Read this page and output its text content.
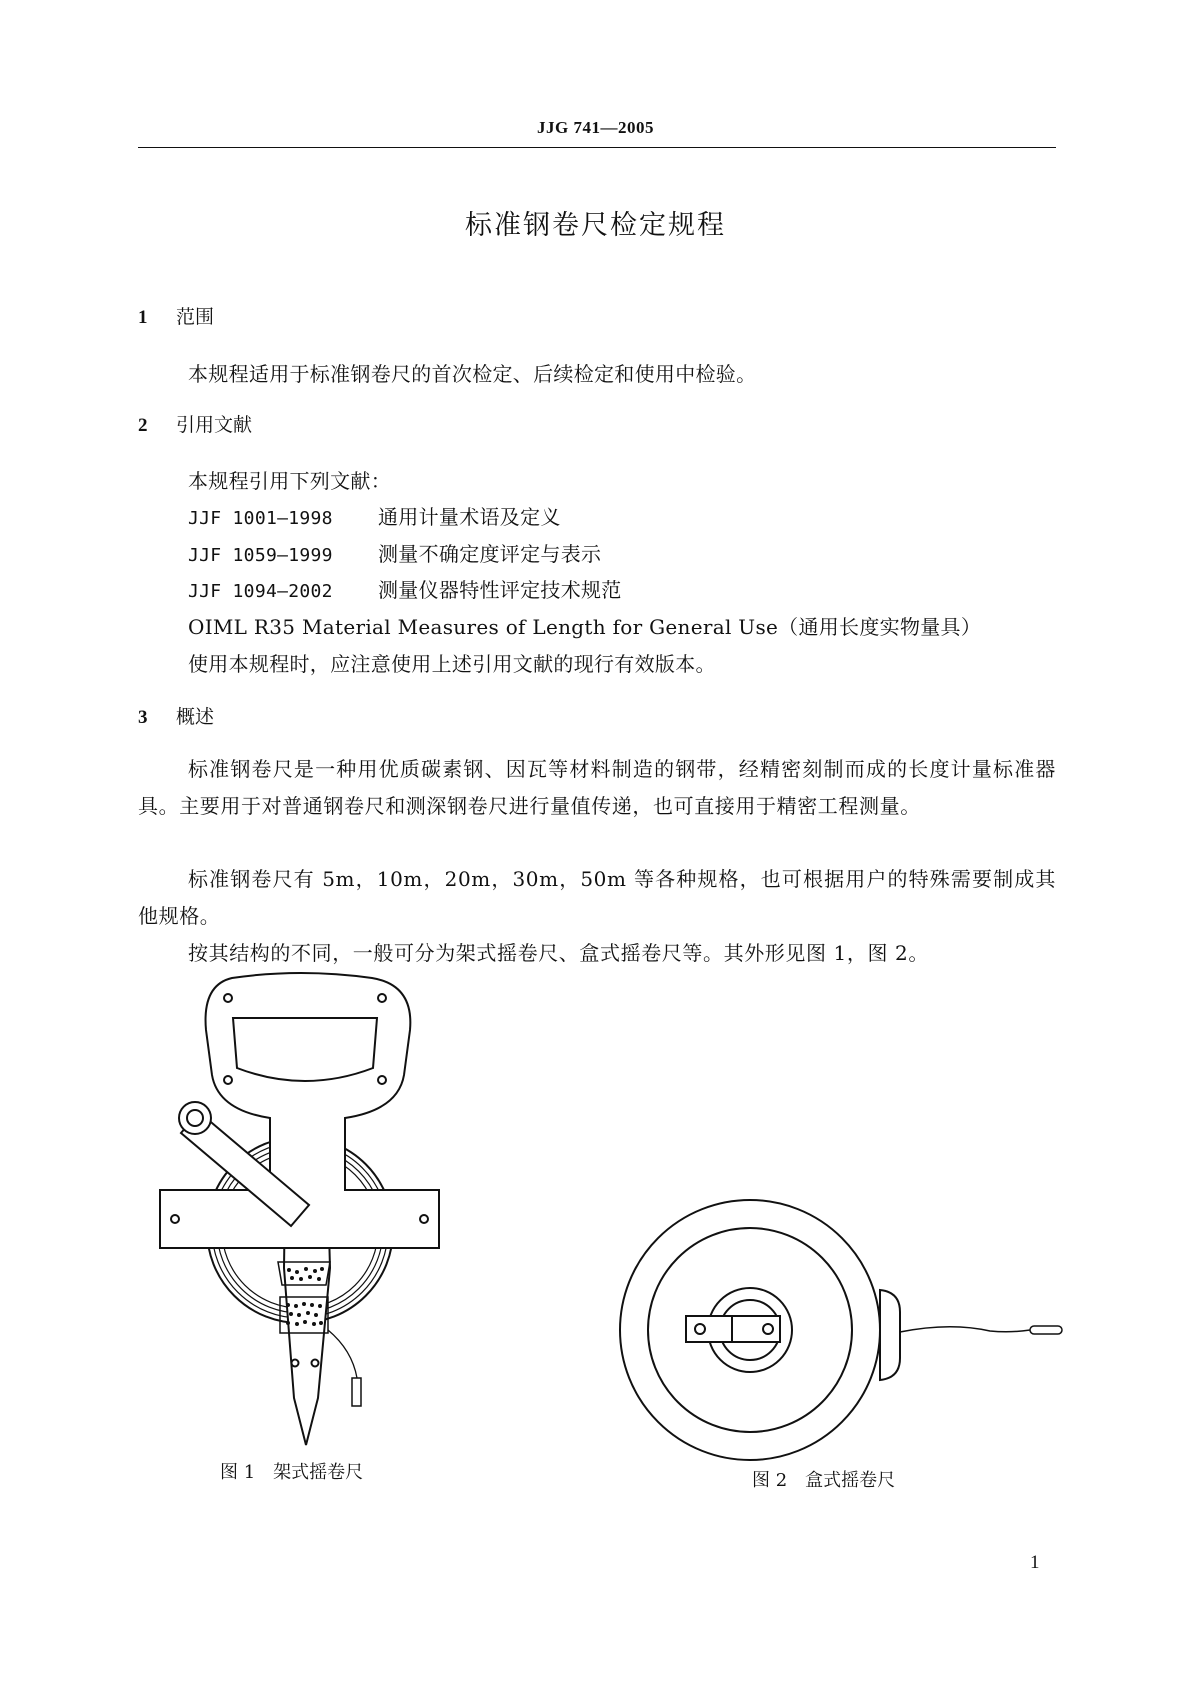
JJG 741—2005
标准钢卷尺检定规程
1 范围
本规程适用于标准钢卷尺的首次检定、后续检定和使用中检验。
2 引用文献
本规程引用下列文献：
JJF 1001—1998 通用计量术语及定义
JJF 1059—1999 测量不确定度评定与表示
JJF 1094—2002 测量仪器特性评定技术规范
OIML R35 Material Measures of Length for General Use（通用长度实物量具）
使用本规程时，应注意使用上述引用文献的现行有效版本。
3 概述

标准钢卷尺是一种用优质碳素钢、因瓦等材料制造的钢带，经精密刻制而成的长度计量标准器具。主要用于对普通钢卷尺和测深钢卷尺进行量值传递，也可直接用于精密工程测量。

标准钢卷尺有 5m，10m，20m，30m，50m 等各种规格，也可根据用户的特殊需要制成其他规格。

按其结构的不同，一般可分为架式摇卷尺、盒式摇卷尺等。其外形见图 1，图 2。

图 1　架式摇卷尺	图 2　盒式摇卷尺
1
